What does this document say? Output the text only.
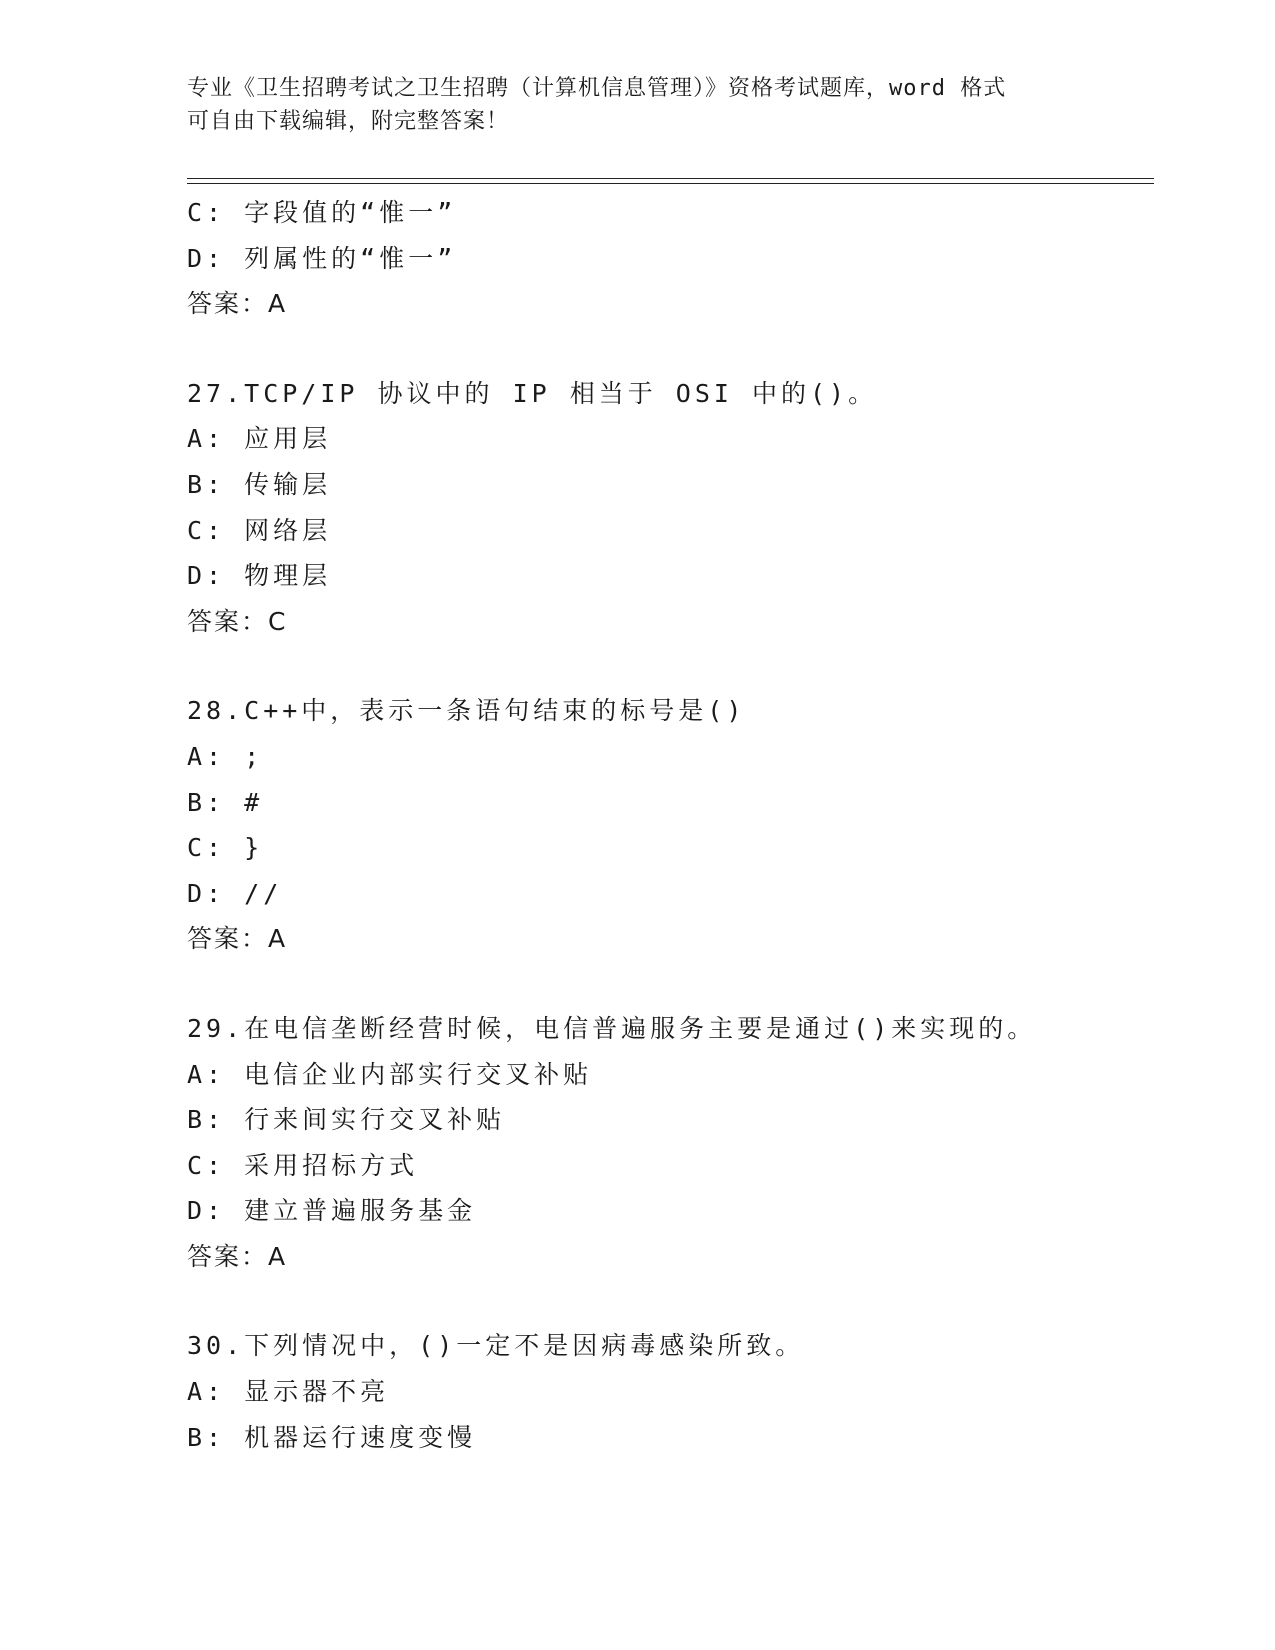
专业《卫生招聘考试之卫生招聘（计算机信息管理）》资格考试题库，word 格式
可自由下载编辑，附完整答案！
C: 字段值的“惟一”
D: 列属性的“惟一”
答案：A
27.TCP/IP 协议中的 IP 相当于 OSI 中的()。
A: 应用层
B: 传输层
C: 网络层
D: 物理层
答案：C
28.C++中，表示一条语句结束的标号是()
A: ;
B: #
C: }
D: //
答案：A
29.在电信垄断经营时候，电信普遍服务主要是通过()来实现的。
A: 电信企业内部实行交叉补贴
B: 行来间实行交叉补贴
C: 采用招标方式
D: 建立普遍服务基金
答案：A
30.下列情况中，()一定不是因病毒感染所致。
A: 显示器不亮
B: 机器运行速度变慢
